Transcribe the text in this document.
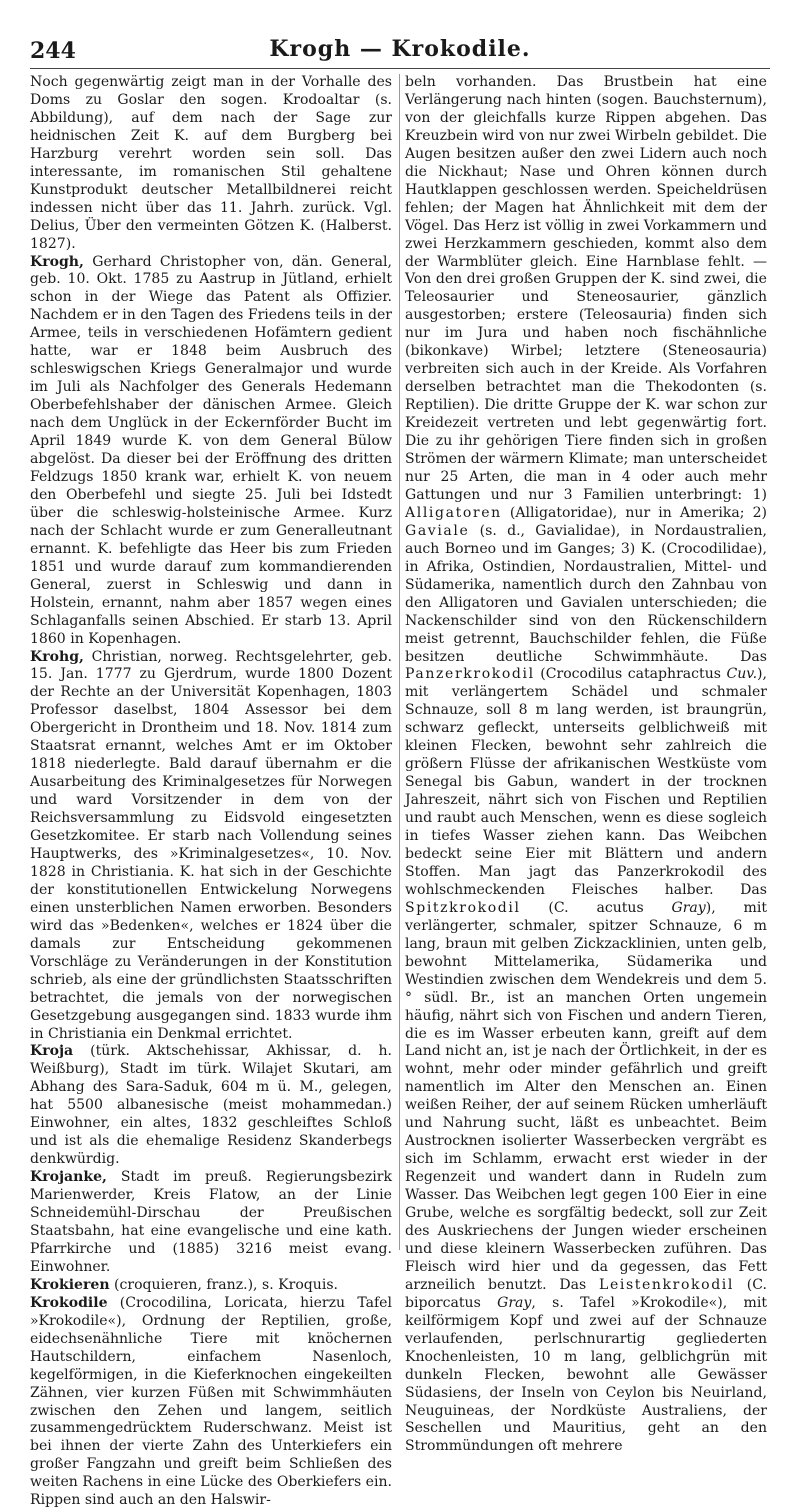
244	Krogh — Krokodile.

Noch gegenwärtig zeigt man in der Vorhalle des Doms zu Goslar den sogen. Krodoaltar (s. Abbildung), auf dem nach der Sage zur heidnischen Zeit K. auf dem Burgberg bei Harzburg verehrt worden sein soll. Das interessante, im romanischen Stil gehaltene Kunstprodukt deutscher Metallbildnerei reicht indessen nicht über das 11. Jahrh. zurück. Vgl. Delius, Über den vermeinten Götzen K. (Halberst. 1827).

Krogh, Gerhard Christopher von, dän. General, geb. 10. Okt. 1785 zu Aastrup in Jütland, erhielt schon in der Wiege das Patent als Offizier. Nachdem er in den Tagen des Friedens teils in der Armee, teils in verschiedenen Hofämtern gedient hatte, war er 1848 beim Ausbruch des schleswigschen Kriegs Generalmajor und wurde im Juli als Nachfolger des Generals Hedemann Oberbefehlshaber der dänischen Armee. Gleich nach dem Unglück in der Eckernförder Bucht im April 1849 wurde K. von dem General Bülow abgelöst. Da dieser bei der Eröffnung des dritten Feldzugs 1850 krank war, erhielt K. von neuem den Oberbefehl und siegte 25. Juli bei Idstedt über die schleswig-holsteinische Armee. Kurz nach der Schlacht wurde er zum Generalleutnant ernannt. K. befehligte das Heer bis zum Frieden 1851 und wurde darauf zum kommandierenden General, zuerst in Schleswig und dann in Holstein, ernannt, nahm aber 1857 wegen eines Schlaganfalls seinen Abschied. Er starb 13. April 1860 in Kopenhagen.

Krohg, Christian, norweg. Rechtsgelehrter, geb. 15. Jan. 1777 zu Gjerdrum, wurde 1800 Dozent der Rechte an der Universität Kopenhagen, 1803 Professor daselbst, 1804 Assessor bei dem Obergericht in Drontheim und 18. Nov. 1814 zum Staatsrat ernannt, welches Amt er im Oktober 1818 niederlegte. Bald darauf übernahm er die Ausarbeitung des Kriminalgesetzes für Norwegen und ward Vorsitzender in dem von der Reichsversammlung zu Eidsvold eingesetzten Gesetzkomitee. Er starb nach Vollendung seines Hauptwerks, des »Kriminalgesetzes«, 10. Nov. 1828 in Christiania. K. hat sich in der Geschichte der konstitutionellen Entwickelung Norwegens einen unsterblichen Namen erworben. Besonders wird das »Bedenken«, welches er 1824 über die damals zur Entscheidung gekommenen Vorschläge zu Veränderungen in der Konstitution schrieb, als eine der gründlichsten Staatsschriften betrachtet, die jemals von der norwegischen Gesetzgebung ausgegangen sind. 1833 wurde ihm in Christiania ein Denkmal errichtet.

Kroja (türk. Aktschehissar, Akhissar, d. h. Weißburg), Stadt im türk. Wilajet Skutari, am Abhang des Sara-Saduk, 604 m ü. M., gelegen, hat 5500 albanesische (meist mohammedan.) Einwohner, ein altes, 1832 geschleiftes Schloß und ist als die ehemalige Residenz Skanderbegs denkwürdig.

Krojanke, Stadt im preuß. Regierungsbezirk Marienwerder, Kreis Flatow, an der Linie Schneidemühl-Dirschau der Preußischen Staatsbahn, hat eine evangelische und eine kath. Pfarrkirche und (1885) 3216 meist evang. Einwohner.

Krokieren (croquieren, franz.), s. Kroquis.

Krokodile (Crocodilina, Loricata, hierzu Tafel »Krokodile«), Ordnung der Reptilien, große, eidechsenähnliche Tiere mit knöchernen Hautschildern, einfachem Nasenloch, kegelförmigen, in die Kieferknochen eingekeilten Zähnen, vier kurzen Füßen mit Schwimmhäuten zwischen den Zehen und langem, seitlich zusammengedrücktem Ruderschwanz. Meist ist bei ihnen der vierte Zahn des Unterkiefers ein großer Fangzahn und greift beim Schließen des weiten Rachens in eine Lücke des Oberkiefers ein. Rippen sind auch an den Halswir-

beln vorhanden. Das Brustbein hat eine Verlängerung nach hinten (sogen. Bauchsternum), von der gleichfalls kurze Rippen abgehen. Das Kreuzbein wird von nur zwei Wirbeln gebildet. Die Augen besitzen außer den zwei Lidern auch noch die Nickhaut; Nase und Ohren können durch Hautklappen geschlossen werden. Speicheldrüsen fehlen; der Magen hat Ähnlichkeit mit dem der Vögel. Das Herz ist völlig in zwei Vorkammern und zwei Herzkammern geschieden, kommt also dem der Warmblüter gleich. Eine Harnblase fehlt. — Von den drei großen Gruppen der K. sind zwei, die Teleosaurier und Steneosaurier, gänzlich ausgestorben; erstere (Teleosauria) finden sich nur im Jura und haben noch fischähnliche (bikonkave) Wirbel; letztere (Steneosauria) verbreiten sich auch in der Kreide. Als Vorfahren derselben betrachtet man die Thekodonten (s. Reptilien). Die dritte Gruppe der K. war schon zur Kreidezeit vertreten und lebt gegenwärtig fort. Die zu ihr gehörigen Tiere finden sich in großen Strömen der wärmern Klimate; man unterscheidet nur 25 Arten, die man in 4 oder auch mehr Gattungen und nur 3 Familien unterbringt: 1) Alligatoren (Alligatoridae), nur in Amerika; 2) Gaviale (s. d., Gavialidae), in Nordaustralien, auch Borneo und im Ganges; 3) K. (Crocodilidae), in Afrika, Ostindien, Nordaustralien, Mittel- und Südamerika, namentlich durch den Zahnbau von den Alligatoren und Gavialen unterschieden; die Nackenschilder sind von den Rückenschildern meist getrennt, Bauchschilder fehlen, die Füße besitzen deutliche Schwimmhäute. Das Panzerkrokodil (Crocodilus cataphractus Cuv.), mit verlängertem Schädel und schmaler Schnauze, soll 8 m lang werden, ist braungrün, schwarz gefleckt, unterseits gelblichweiß mit kleinen Flecken, bewohnt sehr zahlreich die größern Flüsse der afrikanischen Westküste vom Senegal bis Gabun, wandert in der trocknen Jahreszeit, nährt sich von Fischen und Reptilien und raubt auch Menschen, wenn es diese sogleich in tiefes Wasser ziehen kann. Das Weibchen bedeckt seine Eier mit Blättern und andern Stoffen. Man jagt das Panzerkrokodil des wohlschmeckenden Fleisches halber. Das Spitzkrokodil (C. acutus Gray), mit verlängerter, schmaler, spitzer Schnauze, 6 m lang, braun mit gelben Zickzacklinien, unten gelb, bewohnt Mittelamerika, Südamerika und Westindien zwischen dem Wendekreis und dem 5.° südl. Br., ist an manchen Orten ungemein häufig, nährt sich von Fischen und andern Tieren, die es im Wasser erbeuten kann, greift auf dem Land nicht an, ist je nach der Örtlichkeit, in der es wohnt, mehr oder minder gefährlich und greift namentlich im Alter den Menschen an. Einen weißen Reiher, der auf seinem Rücken umherläuft und Nahrung sucht, läßt es unbeachtet. Beim Austrocknen isolierter Wasserbecken vergräbt es sich im Schlamm, erwacht erst wieder in der Regenzeit und wandert dann in Rudeln zum Wasser. Das Weibchen legt gegen 100 Eier in eine Grube, welche es sorgfältig bedeckt, soll zur Zeit des Auskriechens der Jungen wieder erscheinen und diese kleinern Wasserbecken zuführen. Das Fleisch wird hier und da gegessen, das Fett arzneilich benutzt. Das Leistenkrokodil (C. biporcatus Gray, s. Tafel »Krokodile«), mit keilförmigem Kopf und zwei auf der Schnauze verlaufenden, perlschnurartig gegliederten Knochenleisten, 10 m lang, gelblichgrün mit dunkeln Flecken, bewohnt alle Gewässer Südasiens, der Inseln von Ceylon bis Neuirland, Neuguineas, der Nordküste Australiens, der Seschellen und Mauritius, geht an den Strommündungen oft mehrere
